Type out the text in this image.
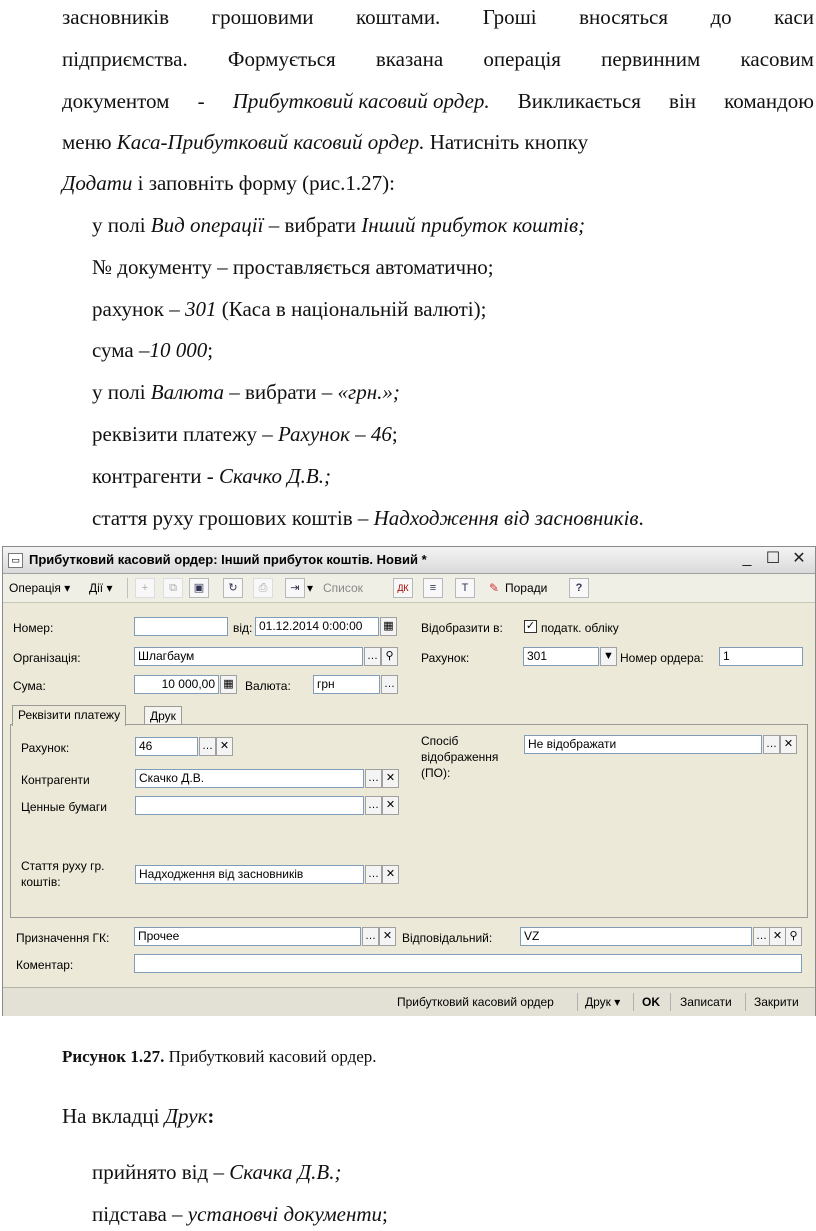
засновників грошовими коштами. Гроші вносяться до каси
підприємства. Формується вказана операція первинним касовим
документом - Прибутковий касовий ордер. Викликається він командою
меню Каса-Прибутковий касовий ордер. Натисніть кнопку
Додати і заповніть форму (рис.1.27):
у полі Вид операції – вибрати Інший прибуток коштів;
№ документу – проставляється автоматично;
рахунок – 301 (Каса в національній валюті);
сума –10 000;
у полі Валюта – вибрати – «грн.»;
реквізити платежу – Рахунок – 46;
контрагенти - Скачко Д.В.;
стаття руху грошових коштів – Надходження від засновників.
▭ Прибутковий касовий ордер: Інший прибуток коштів. Новий *	_ ☐ ✕
Операція ▾ Дії ▾	+	⧉	▣	↻	⎙	⇥ ▾ Список	ДК	≡	T	✎ Поради	?
Номер:	від: 01.12.2014 0:00:00	▦ Відобразити в: ✓ податк. обліку
Організація:	Шлагбаум	… ⚲	Рахунок:	301	▼ Номер ордера:	1
Сума:	10 000,00 ▦ Валюта:	грн	…
Реквізити платежу	Друк
Рахунок:	46	… ✕
Контрагенти	Скачко Д.В.	… ✕
Ценные бумаги	… ✕
Стаття руху гр. коштів:
Надходження від засновників	… ✕
Спосіб відображення (ПО):
Не відображати	… ✕
Призначення ГК:	Прочее	… ✕ Відповідальний:	VZ	… ✕ ⚲
Коментар:
Прибутковий касовий ордер	Друк ▾ OK Записати Закрити
Рисунок 1.27. Прибутковий касовий ордер.
На вкладці Друк:
прийнято від – Скачка Д.В.;
підстава – установчі документи;
